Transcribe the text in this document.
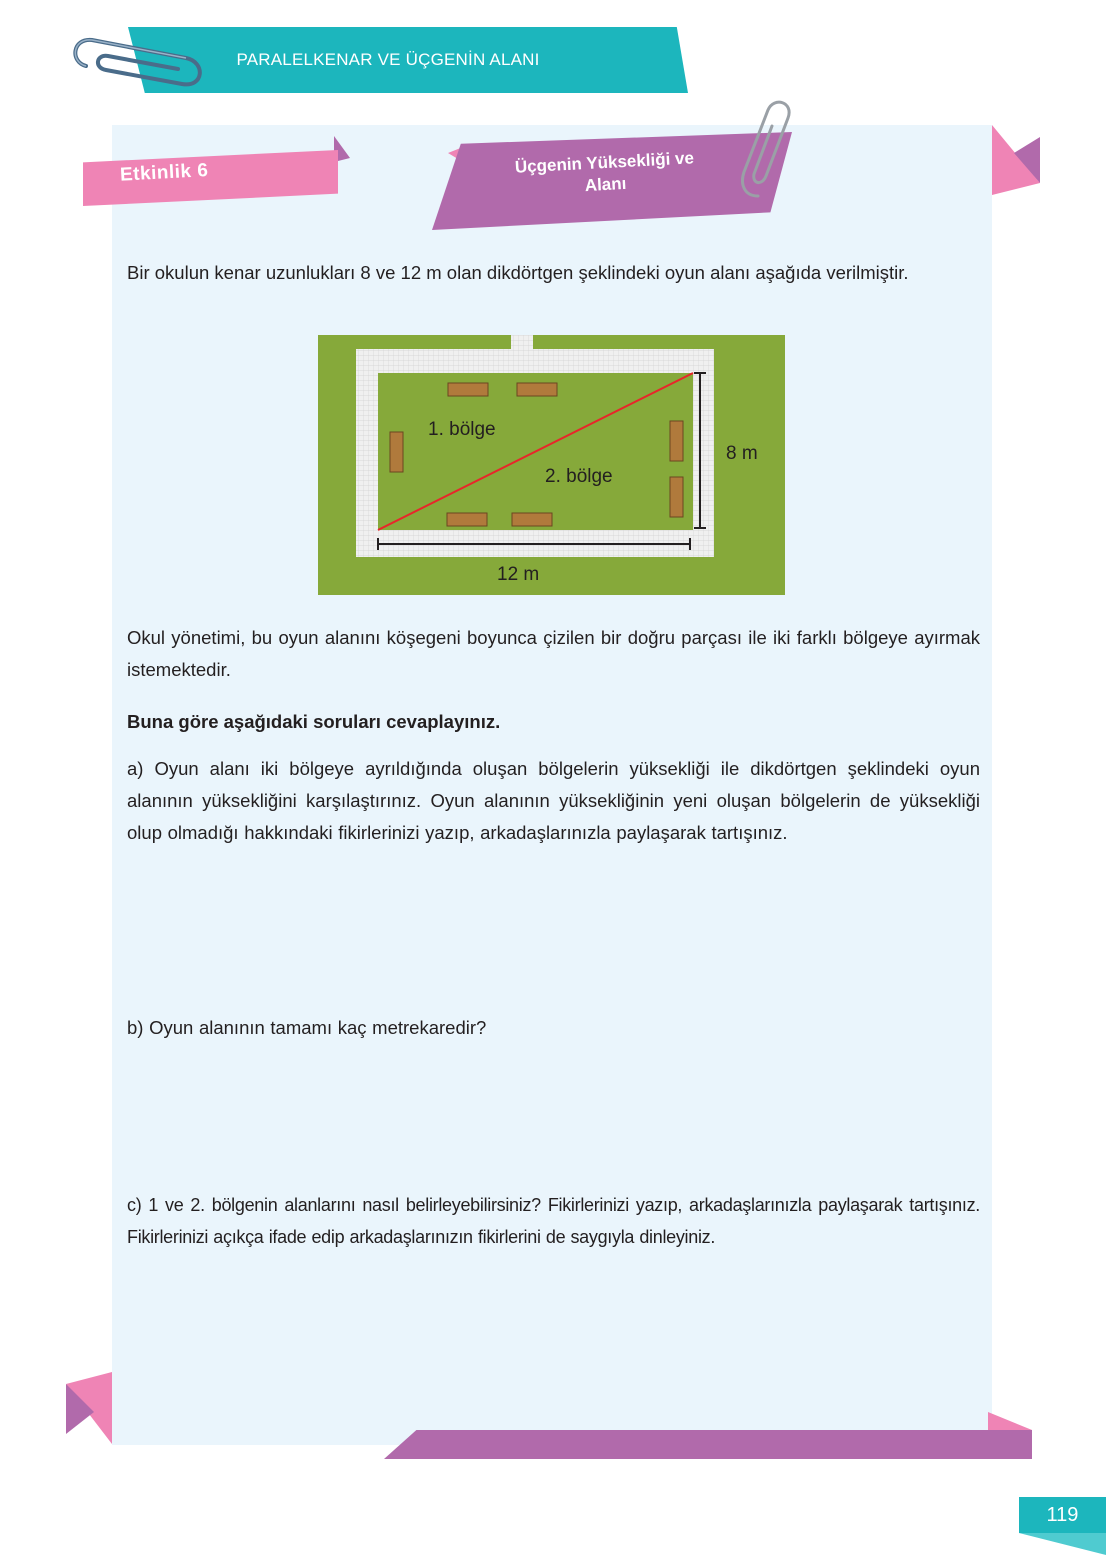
PARALELKENAR VE ÜÇGENİN ALANI
Etkinlik 6	Üçgenin Yüksekliği ve
Alanı
Bir okulun kenar uzunlukları 8 ve 12 m olan dikdörtgen şeklindeki oyun alanı aşağıda verilmiştir.
1. bölge
2. bölge
8 m
12 m
Okul yönetimi, bu oyun alanını köşegeni boyunca çizilen bir doğru parçası ile iki farklı bölgeye ayırmak istemektedir.
Buna göre aşağıdaki soruları cevaplayınız.
a) Oyun alanı iki bölgeye ayrıldığında oluşan bölgelerin yüksekliği ile dikdörtgen şeklindeki oyun alanının yüksekliğini karşılaştırınız. Oyun alanının yüksekliğinin yeni oluşan bölgelerin de yüksekliği olup olmadığı hakkındaki fikirlerinizi yazıp, arkadaşlarınızla paylaşarak tartışınız.
b) Oyun alanının tamamı kaç metrekaredir?
c) 1 ve 2. bölgenin alanlarını nasıl belirleyebilirsiniz? Fikirlerinizi yazıp, arkadaşlarınızla paylaşarak tartışınız. Fikirlerinizi açıkça ifade edip arkadaşlarınızın fikirlerini de saygıyla dinleyiniz.
119
